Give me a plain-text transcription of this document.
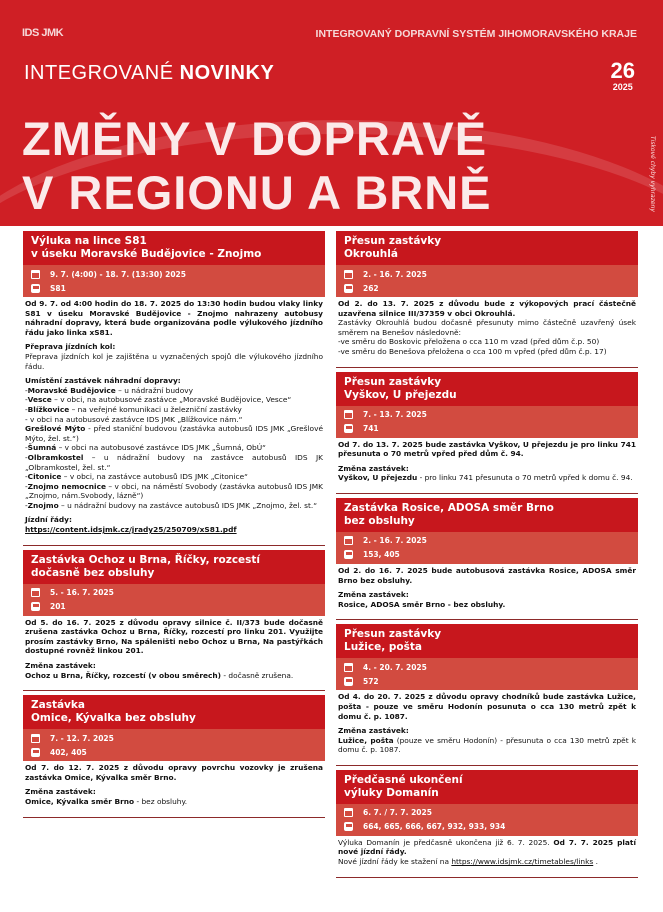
IDS JMK	INTEGROVANÝ DOPRAVNÍ SYSTÉM JIHOMORAVSKÉHO KRAJE
INTEGROVANÉ NOVINKY	26
2025
ZMĚNY V DOPRAVĚ
V REGIONU A BRNĚ	Tiskové chyby vyhrazeny
Výluka na lince S81
v úseku Moravské Budějovice - Znojmo
9. 7. (4:00) - 18. 7. (13:30) 2025
S81

Od 9. 7. od 4:00 hodin do 18. 7. 2025 do 13:30 hodin budou vlaky linky S81 v úseku Moravské Budějovice - Znojmo nahrazeny autobusy náhradní dopravy, která bude organizována podle výlukového jízdního řádu jako linka xS81.

Přeprava jízdních kol:
Přeprava jízdních kol je zajištěna u vyznačených spojů dle výlukového jízdního řádu.

Umístění zastávek náhradní dopravy:
-Moravské Budějovice – u nádražní budovy
-Vesce – v obci, na autobusové zastávce „Moravské Budějovice, Vesce“
-Blížkovice – na veřejné komunikaci u železniční zastávky
- v obci na autobusové zastávce IDS JMK „Blížkovice nám.“
Grešlové Mýto - před staniční budovou (zastávka autobusů IDS JMK „Grešlové Mýto, žel. st.“)
-Šumná – v obci na autobusové zastávce IDS JMK „Šumná, ObÚ“
-Olbramkostel – u nádražní budovy na zastávce autobusů IDS JK „Olbramkostel, žel. st.“
-Citonice – v obci, na zastávce autobusů IDS JMK „Citonice“
-Znojmo nemocnice – v obci, na náměstí Svobody (zastávka autobusů IDS JMK „Znojmo, nám.Svobody, lázně“)
-Znojmo – u nádražní budovy na zastávce autobusů IDS JMK „Znojmo, žel. st.“

Jízdní řády:
https://content.idsjmk.cz/jrady25/250709/xS81.pdf

Zastávka Ochoz u Brna, Říčky, rozcestí
dočasně bez obsluhy
5. - 16. 7. 2025
201

Od 5. do 16. 7. 2025 z důvodu opravy silnice č. II/373 bude dočasně zrušena zastávka Ochoz u Brna, Říčky, rozcestí pro linku 201. Využijte prosím zastávky Brno, Na spáleništi nebo Ochoz u Brna, Na pastýřkách dostupné rovněž linkou 201.

Změna zastávek:
Ochoz u Brna, Říčky, rozcestí (v obou směrech) - dočasně zrušena.

Zastávka
Omice, Kývalka bez obsluhy
7. - 12. 7. 2025
402, 405

Od 7. do 12. 7. 2025 z důvodu opravy povrchu vozovky je zrušena zastávka Omice, Kývalka směr Brno.

Změna zastávek:
Omice, Kývalka směr Brno - bez obsluhy.

Přesun zastávky
Okrouhlá
2. - 16. 7. 2025
262

Od 2. do 13. 7. 2025 z důvodu bude z výkopových prací částečně uzavřena silnice III/37359 v obci Okrouhlá.

Zastávky Okrouhlá budou dočasně přesunuty mimo částečně uzavřený úsek směrem na Benešov následovně:
-ve směru do Boskovic přeložena o cca 110 m vzad (před dům č.p. 50)
-ve směru do Benešova přeložena o cca 100 m vpřed (před dům č.p. 17)

Přesun zastávky
Vyškov, U přejezdu
7. - 13. 7. 2025
741

Od 7. do 13. 7. 2025 bude zastávka Vyškov, U přejezdu je pro linku 741 přesunuta o 70 metrů vpřed před dům č. 94.

Změna zastávek:
Vyškov, U přejezdu - pro linku 741 přesunuta o 70 metrů vpřed k domu č. 94.

Zastávka Rosice, ADOSA směr Brno
bez obsluhy
2. - 16. 7. 2025
153, 405

Od 2. do 16. 7. 2025 bude autobusová zastávka Rosice, ADOSA směr Brno bez obsluhy.

Změna zastávek:
Rosice, ADOSA směr Brno - bez obsluhy.

Přesun zastávky
Lužice, pošta
4. - 20. 7. 2025
572

Od 4. do 20. 7. 2025 z důvodu opravy chodníků bude zastávka Lužice, pošta - pouze ve směru Hodonín posunuta o cca 130 metrů zpět k domu č. p. 1087.

Změna zastávek:
Lužice, pošta (pouze ve směru Hodonín) - přesunuta o cca 130 metrů zpět k domu č. p. 1087.

Předčasné ukončení
výluky Domanín
6. 7. / 7. 7. 2025
664, 665, 666, 667, 932, 933, 934

Výluka Domanín je předčasně ukončena již 6. 7. 2025. Od 7. 7. 2025 platí nové jízdní řády.
Nové jízdní řády ke stažení na https://www.idsjmk.cz/timetables/links .
